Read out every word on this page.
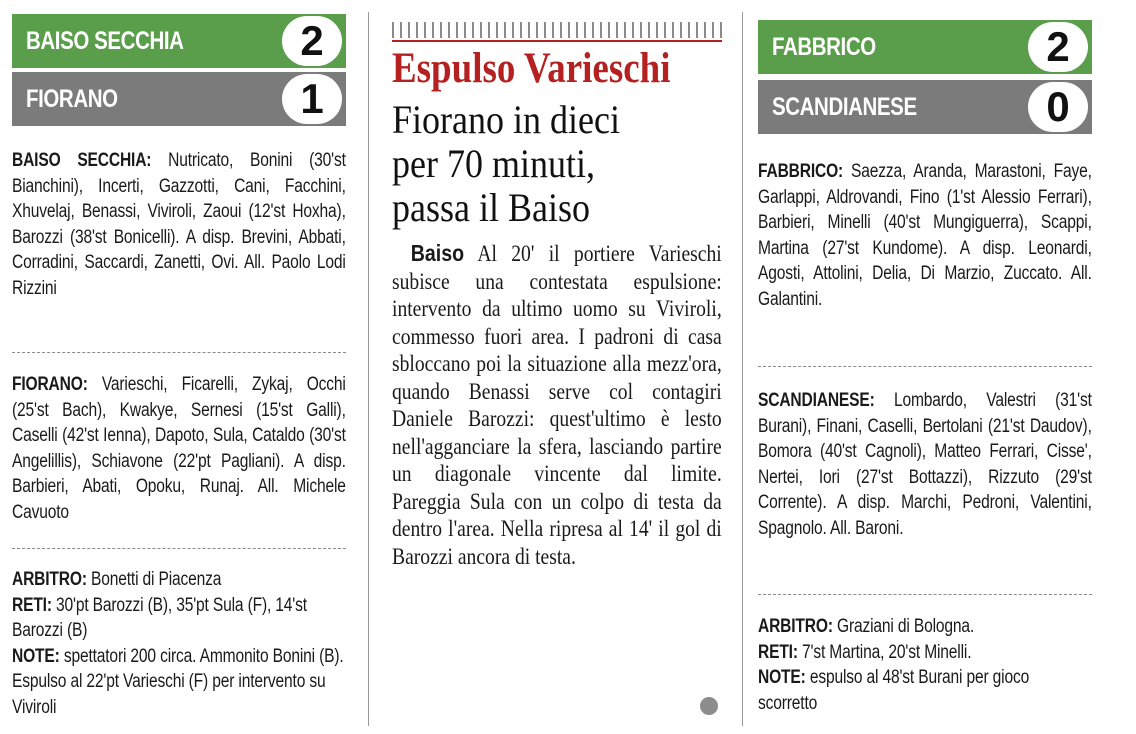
BAISO SECCHIA	2
FIORANO	1
BAISO SECCHIA: Nutricato, Bonini (30'st Bianchini), Incerti, Gazzotti, Cani, Facchini, Xhuvelaj, Benassi, Viviroli, Zaoui (12'st Hoxha), Barozzi (38'st Bonicelli). A disp. Brevini, Abbati, Corradini, Saccardi, Zanetti, Ovi. All. Paolo Lodi Rizzini
FIORANO: Varieschi, Ficarelli, Zykaj, Occhi (25'st Bach), Kwakye, Sernesi (15'st Galli), Caselli (42'st Ienna), Dapoto, Sula, Cataldo (30'st Angelillis), Schiavone (22'pt Pagliani). A disp. Barbieri, Abati, Opoku, Runaj. All. Michele Cavuoto
ARBITRO: Bonetti di Piacenza
RETI: 30'pt Barozzi (B), 35'pt Sula (F), 14'st Barozzi (B)
NOTE: spettatori 200 circa. Ammonito Bonini (B). Espulso al 22'pt Varieschi (F) per intervento su Viviroli
Espulso Varieschi
Fiorano in dieci
per 70 minuti,
passa il Baiso
Baiso Al 20' il portiere Varieschi subisce una contestata espulsione: intervento da ultimo uomo su Viviroli, commesso fuori area. I padroni di casa sbloccano poi la situazione alla mezz'ora, quando Benassi serve col contagiri Daniele Barozzi: quest'ultimo è lesto nell'agganciare la sfera, lasciando partire un diagonale vincente dal limite. Pareggia Sula con un colpo di testa da dentro l'area. Nella ripresa al 14' il gol di Barozzi ancora di testa.
FABBRICO	2
SCANDIANESE	0
FABBRICO: Saezza, Aranda, Marastoni, Faye, Garlappi, Aldrovandi, Fino (1'st Alessio Ferrari), Barbieri, Minelli (40'st Mungiguerra), Scappi, Martina (27'st Kundome). A disp. Leonardi, Agosti, Attolini, Delia, Di Marzio, Zuccato. All. Galantini.
SCANDIANESE: Lombardo, Valestri (31'st Burani), Finani, Caselli, Bertolani (21'st Daudov), Bomora (40'st Cagnoli), Matteo Ferrari, Cisse', Nertei, Iori (27'st Bottazzi), Rizzuto (29'st Corrente). A disp. Marchi, Pedroni, Valentini, Spagnolo. All. Baroni.
ARBITRO: Graziani di Bologna.
RETI: 7'st Martina, 20'st Minelli.
NOTE: espulso al 48'st Burani per gioco scorretto
